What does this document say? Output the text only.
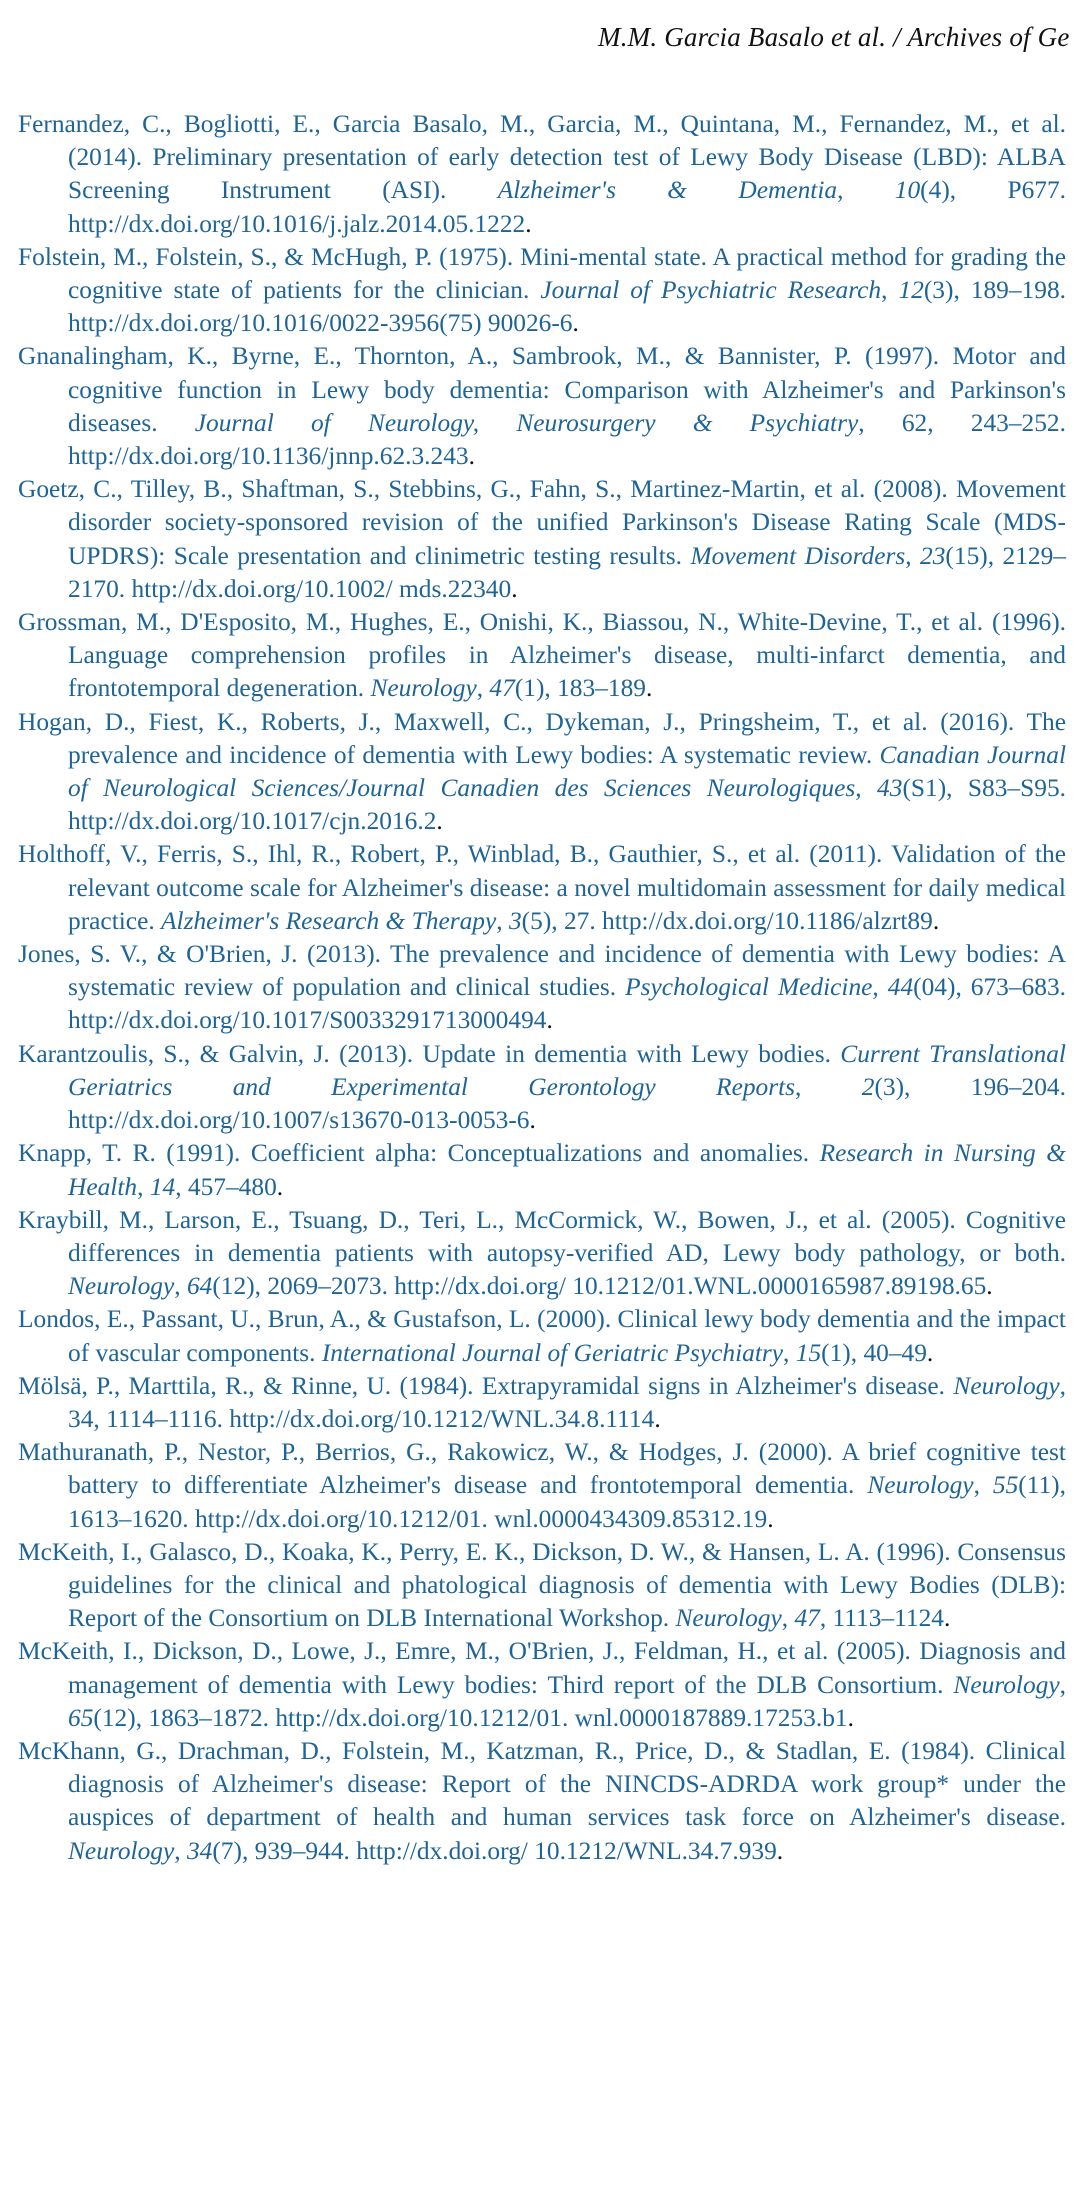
M.M. Garcia Basalo et al. / Archives of Ge

Fernandez, C., Bogliotti, E., Garcia Basalo, M., Garcia, M., Quintana, M., Fernandez, M., et al. (2014). Preliminary presentation of early detection test of Lewy Body Disease (LBD): ALBA Screening Instrument (ASI). Alzheimer's & Dementia, 10(4), P677. http://dx.doi.org/10.1016/j.jalz.2014.05.1222.

Folstein, M., Folstein, S., & McHugh, P. (1975). Mini-mental state. A practical method for grading the cognitive state of patients for the clinician. Journal of Psychiatric Research, 12(3), 189–198. http://dx.doi.org/10.1016/0022-3956(75) 90026-6.

Gnanalingham, K., Byrne, E., Thornton, A., Sambrook, M., & Bannister, P. (1997). Motor and cognitive function in Lewy body dementia: Comparison with Alzheimer's and Parkinson's diseases. Journal of Neurology, Neurosurgery & Psychiatry, 62, 243–252. http://dx.doi.org/10.1136/jnnp.62.3.243.

Goetz, C., Tilley, B., Shaftman, S., Stebbins, G., Fahn, S., Martinez-Martin, et al. (2008). Movement disorder society-sponsored revision of the unified Parkinson's Disease Rating Scale (MDS-UPDRS): Scale presentation and clinimetric testing results. Movement Disorders, 23(15), 2129–2170. http://dx.doi.org/10.1002/ mds.22340.

Grossman, M., D'Esposito, M., Hughes, E., Onishi, K., Biassou, N., White-Devine, T., et al. (1996). Language comprehension profiles in Alzheimer's disease, multi-infarct dementia, and frontotemporal degeneration. Neurology, 47(1), 183–189.

Hogan, D., Fiest, K., Roberts, J., Maxwell, C., Dykeman, J., Pringsheim, T., et al. (2016). The prevalence and incidence of dementia with Lewy bodies: A systematic review. Canadian Journal of Neurological Sciences/Journal Canadien des Sciences Neurologiques, 43(S1), S83–S95. http://dx.doi.org/10.1017/cjn.2016.2.

Holthoff, V., Ferris, S., Ihl, R., Robert, P., Winblad, B., Gauthier, S., et al. (2011). Validation of the relevant outcome scale for Alzheimer's disease: a novel multidomain assessment for daily medical practice. Alzheimer's Research & Therapy, 3(5), 27. http://dx.doi.org/10.1186/alzrt89.

Jones, S. V., & O'Brien, J. (2013). The prevalence and incidence of dementia with Lewy bodies: A systematic review of population and clinical studies. Psychological Medicine, 44(04), 673–683. http://dx.doi.org/10.1017/S0033291713000494.

Karantzoulis, S., & Galvin, J. (2013). Update in dementia with Lewy bodies. Current Translational Geriatrics and Experimental Gerontology Reports, 2(3), 196–204. http://dx.doi.org/10.1007/s13670-013-0053-6.

Knapp, T. R. (1991). Coefficient alpha: Conceptualizations and anomalies. Research in Nursing & Health, 14, 457–480.

Kraybill, M., Larson, E., Tsuang, D., Teri, L., McCormick, W., Bowen, J., et al. (2005). Cognitive differences in dementia patients with autopsy-verified AD, Lewy body pathology, or both. Neurology, 64(12), 2069–2073. http://dx.doi.org/ 10.1212/01.WNL.0000165987.89198.65.

Londos, E., Passant, U., Brun, A., & Gustafson, L. (2000). Clinical lewy body dementia and the impact of vascular components. International Journal of Geriatric Psychiatry, 15(1), 40–49.

Mölsä, P., Marttila, R., & Rinne, U. (1984). Extrapyramidal signs in Alzheimer's disease. Neurology, 34, 1114–1116. http://dx.doi.org/10.1212/WNL.34.8.1114.

Mathuranath, P., Nestor, P., Berrios, G., Rakowicz, W., & Hodges, J. (2000). A brief cognitive test battery to differentiate Alzheimer's disease and frontotemporal dementia. Neurology, 55(11), 1613–1620. http://dx.doi.org/10.1212/01. wnl.0000434309.85312.19.

McKeith, I., Galasco, D., Koaka, K., Perry, E. K., Dickson, D. W., & Hansen, L. A. (1996). Consensus guidelines for the clinical and phatological diagnosis of dementia with Lewy Bodies (DLB): Report of the Consortium on DLB International Workshop. Neurology, 47, 1113–1124.

McKeith, I., Dickson, D., Lowe, J., Emre, M., O'Brien, J., Feldman, H., et al. (2005). Diagnosis and management of dementia with Lewy bodies: Third report of the DLB Consortium. Neurology, 65(12), 1863–1872. http://dx.doi.org/10.1212/01. wnl.0000187889.17253.b1.

McKhann, G., Drachman, D., Folstein, M., Katzman, R., Price, D., & Stadlan, E. (1984). Clinical diagnosis of Alzheimer's disease: Report of the NINCDS-ADRDA work group* under the auspices of department of health and human services task force on Alzheimer's disease. Neurology, 34(7), 939–944. http://dx.doi.org/ 10.1212/WNL.34.7.939.
